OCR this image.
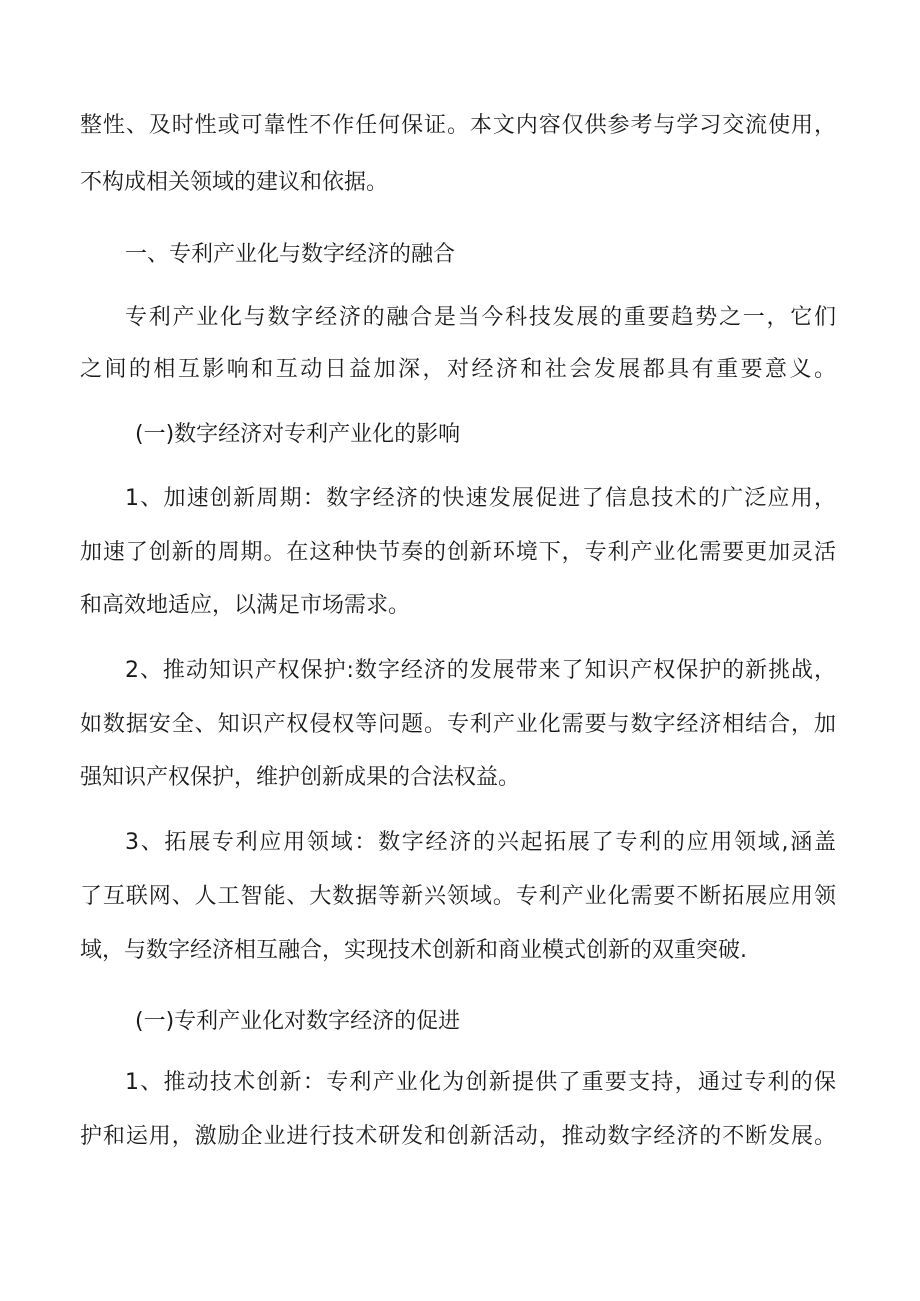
整性、及时性或可靠性不作任何保证。本文内容仅供参考与学习交流使用，
不构成相关领域的建议和依据。
一、专利产业化与数字经济的融合
专利产业化与数字经济的融合是当今科技发展的重要趋势之一，它们
之间的相互影响和互动日益加深，对经济和社会发展都具有重要意义。
(一)数字经济对专利产业化的影响
1、加速创新周期：数字经济的快速发展促进了信息技术的广泛应用，
加速了创新的周期。在这种快节奏的创新环境下，专利产业化需要更加灵活
和高效地适应，以满足市场需求。
2、推动知识产权保护:数字经济的发展带来了知识产权保护的新挑战，
如数据安全、知识产权侵权等问题。专利产业化需要与数字经济相结合，加
强知识产权保护，维护创新成果的合法权益。
3、拓展专利应用领域：数字经济的兴起拓展了专利的应用领域,涵盖
了互联网、人工智能、大数据等新兴领域。专利产业化需要不断拓展应用领
域，与数字经济相互融合，实现技术创新和商业模式创新的双重突破.
(一)专利产业化对数字经济的促进
1、推动技术创新：专利产业化为创新提供了重要支持，通过专利的保
护和运用，激励企业进行技术研发和创新活动，推动数字经济的不断发展。
